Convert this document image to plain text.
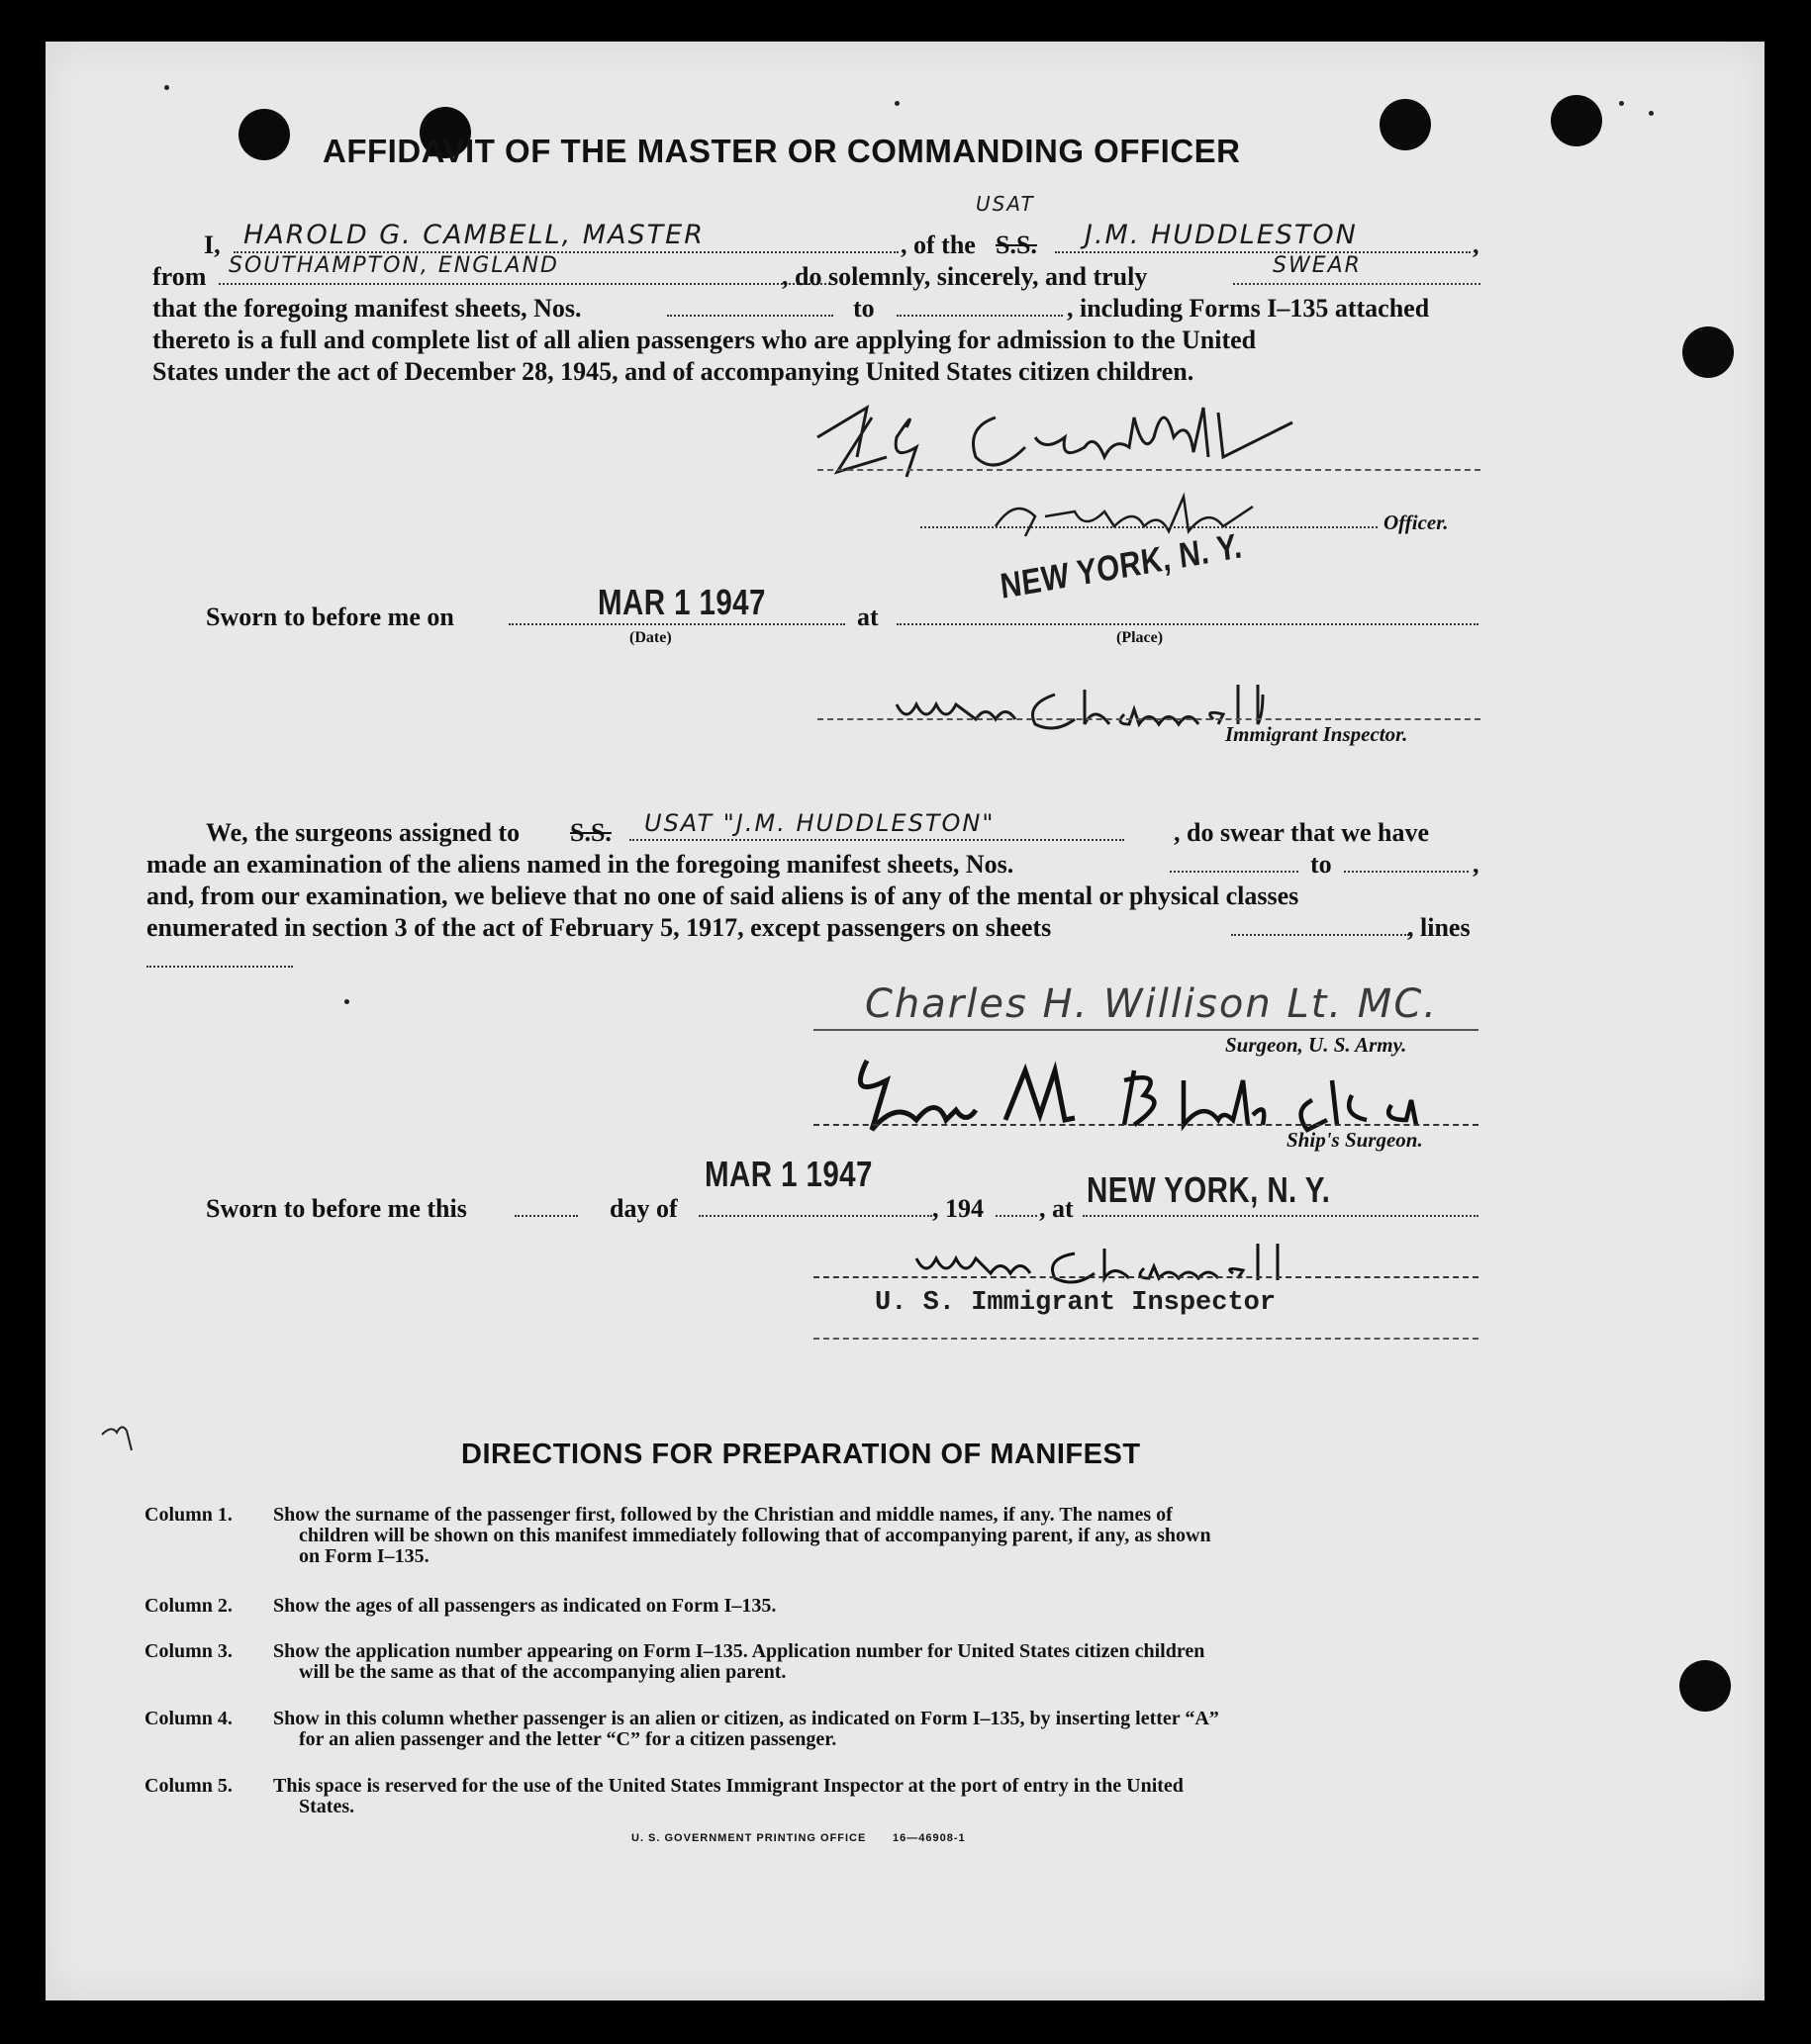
AFFIDAVIT OF THE MASTER OR COMMANDING OFFICER
I, HAROLD G. CAMBELL, MASTER	, of the S.S.
USAT
J.M. HUDDLESTON	,
from SOUTHAMPTON, ENGLAND	, do solemnly, sincerely, and truly	SWEAR
that the foregoing manifest sheets, Nos.	to	, including Forms I–135 attached
thereto is a full and complete list of all alien passengers who are applying for admission to the United
States under the act of December 28, 1945, and of accompanying United States citizen children.
Officer.
NEW YORK, N. Y.
Sworn to before me on	MAR 1 1947
(Date)
at
(Place)
Immigrant Inspector.
We, the surgeons assigned to S.S. USAT "J.M. HUDDLESTON"	, do swear that we have
made an examination of the aliens named in the foregoing manifest sheets, Nos.	to	,
and, from our examination, we believe that no one of said aliens is of any of the mental or physical classes
enumerated in section 3 of the act of February 5, 1917, except passengers on sheets	, lines
Charles H. Willison Lt. MC.
Surgeon, U. S. Army.
Ship's Surgeon.
MAR 1 1947
Sworn to before me this	day of	, 194 , at NEW YORK, N. Y.
U. S. Immigrant Inspector
DIRECTIONS FOR PREPARATION OF MANIFEST
Column 1. Show the surname of the passenger first, followed by the Christian and middle names, if any. The names of
children will be shown on this manifest immediately following that of accompanying parent, if any, as shown
on Form I–135.
Column 2. Show the ages of all passengers as indicated on Form I–135.
Column 3. Show the application number appearing on Form I–135. Application number for United States citizen children
will be the same as that of the accompanying alien parent.
Column 4. Show in this column whether passenger is an alien or citizen, as indicated on Form I–135, by inserting letter “A”
for an alien passenger and the letter “C” for a citizen passenger.
Column 5. This space is reserved for the use of the United States Immigrant Inspector at the port of entry in the United
States.
U. S. GOVERNMENT PRINTING OFFICE 16—46908-1
